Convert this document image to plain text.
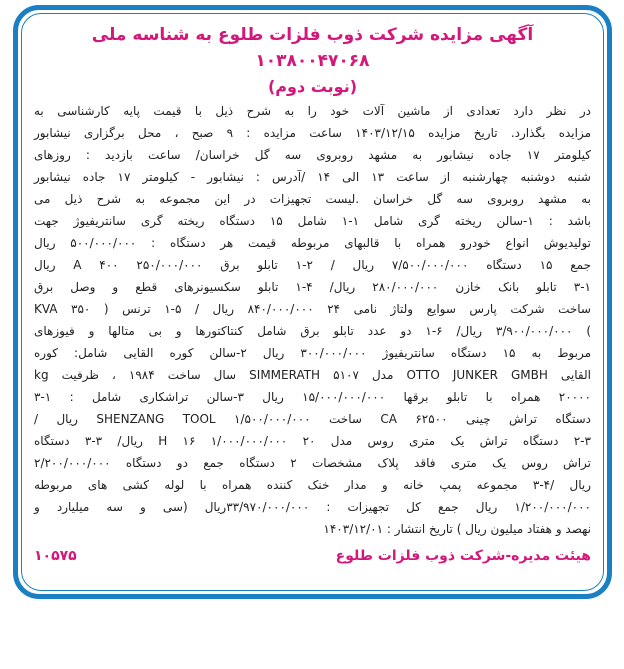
آگهی مزایده شرکت ذوب فلزات طلوع به شناسه ملی ۱۰۳۸۰۰۴۷۰۶۸
(نوبت دوم)
در نظر دارد تعدادی از ماشین آلات خود را به شرح ذیل با قیمت پایه کارشناسی به
مزایده بگذارد. تاریخ مزایده ۱۴۰۳/۱۲/۱۵ ساعت مزایده : ۹ صبح ، محل برگزاری نیشابور
کیلومتر ۱۷ جاده نیشابور به مشهد روبروی سه گل خراسان/ ساعت بازدید : روزهای
شنبه دوشنبه چهارشنبه از ساعت ۱۳ الی ۱۴ /آدرس : نیشابور - کیلومتر ۱۷ جاده نیشابور
به مشهد روبروی سه گل خراسان .لیست تجهیزات در این مجموعه به شرح ذیل می
باشد : ۱-سالن ریخته گری شامل ۱-۱ شامل ۱۵ دستگاه ریخته گری سانتریفیوژ جهت
تولیدیوش انواع خودرو همراه با قالبهای مربوطه قیمت هر دستگاه : ۵۰۰/۰۰۰/۰۰۰ ریال
جمع ۱۵ دستگاه ۷/۵۰۰/۰۰۰/۰۰۰ ریال / ۲-۱ تابلو برق A ۴۰۰ ۲۵۰/۰۰۰/۰۰۰ ریال
۳-۱ تابلو بانک خازن ۲۸۰/۰۰۰/۰۰۰ ریال/ ۴-۱ تابلو سکسیونرهای قطع و وصل برق
ساخت شرکت پارس سوایع ولتاژ نامی ۲۴ ۸۴۰/۰۰۰/۰۰۰ ریال / ۵-۱ ترنس ( KVA ۳۵۰
) ۳/۹۰۰/۰۰۰/۰۰۰ ریال/ ۶-۱ دو عدد تابلو برق شامل کنتاکتورها و بی متالها و فیوزهای
مربوط به ۱۵ دستگاه سانتریفیوژ ۳۰۰/۰۰۰/۰۰۰ ریال ۲-سالن کوره القایی شامل: کوره
القایی OTTO JUNKER GMBH مدل ۵۱۰۷ SIMMERATH سال ساخت ۱۹۸۴ ، ظرفیت kg
۲۰۰۰۰ همراه با تابلو برقها ۱۵/۰۰۰/۰۰۰/۰۰۰ ریال ۳-سالن تراشکاری شامل : ۱-۳
دستگاه تراش چینی CA ۶۲۵۰۰ ساخت SHENZANG TOOL ۱/۵۰۰/۰۰۰/۰۰۰ ریال /
۲-۳ دستگاه تراش یک متری روس مدل ۲۰ H ۱۶ ۱/۰۰۰/۰۰۰/۰۰۰ ریال/ ۳-۳ دستگاه
تراش روس یک متری فاقد پلاک مشخصات ۲ دستگاه جمع دو دستگاه ۲/۲۰۰/۰۰۰/۰۰۰
ریال /۴-۳ مجموعه پمپ خانه و مدار خنک کننده همراه با لوله کشی های مربوطه
۱/۲۰۰/۰۰۰/۰۰۰ ریال جمع کل تجهیزات : ۳۳/۹۷۰/۰۰۰/۰۰۰ریال (سی و سه میلیارد و
نهصد و هفتاد میلیون ریال ) تاریخ انتشار : ۱۴۰۳/۱۲/۰۱
هیئت مدیره-شرکت ذوب فلزات طلوع
۱۰۵۷۵
